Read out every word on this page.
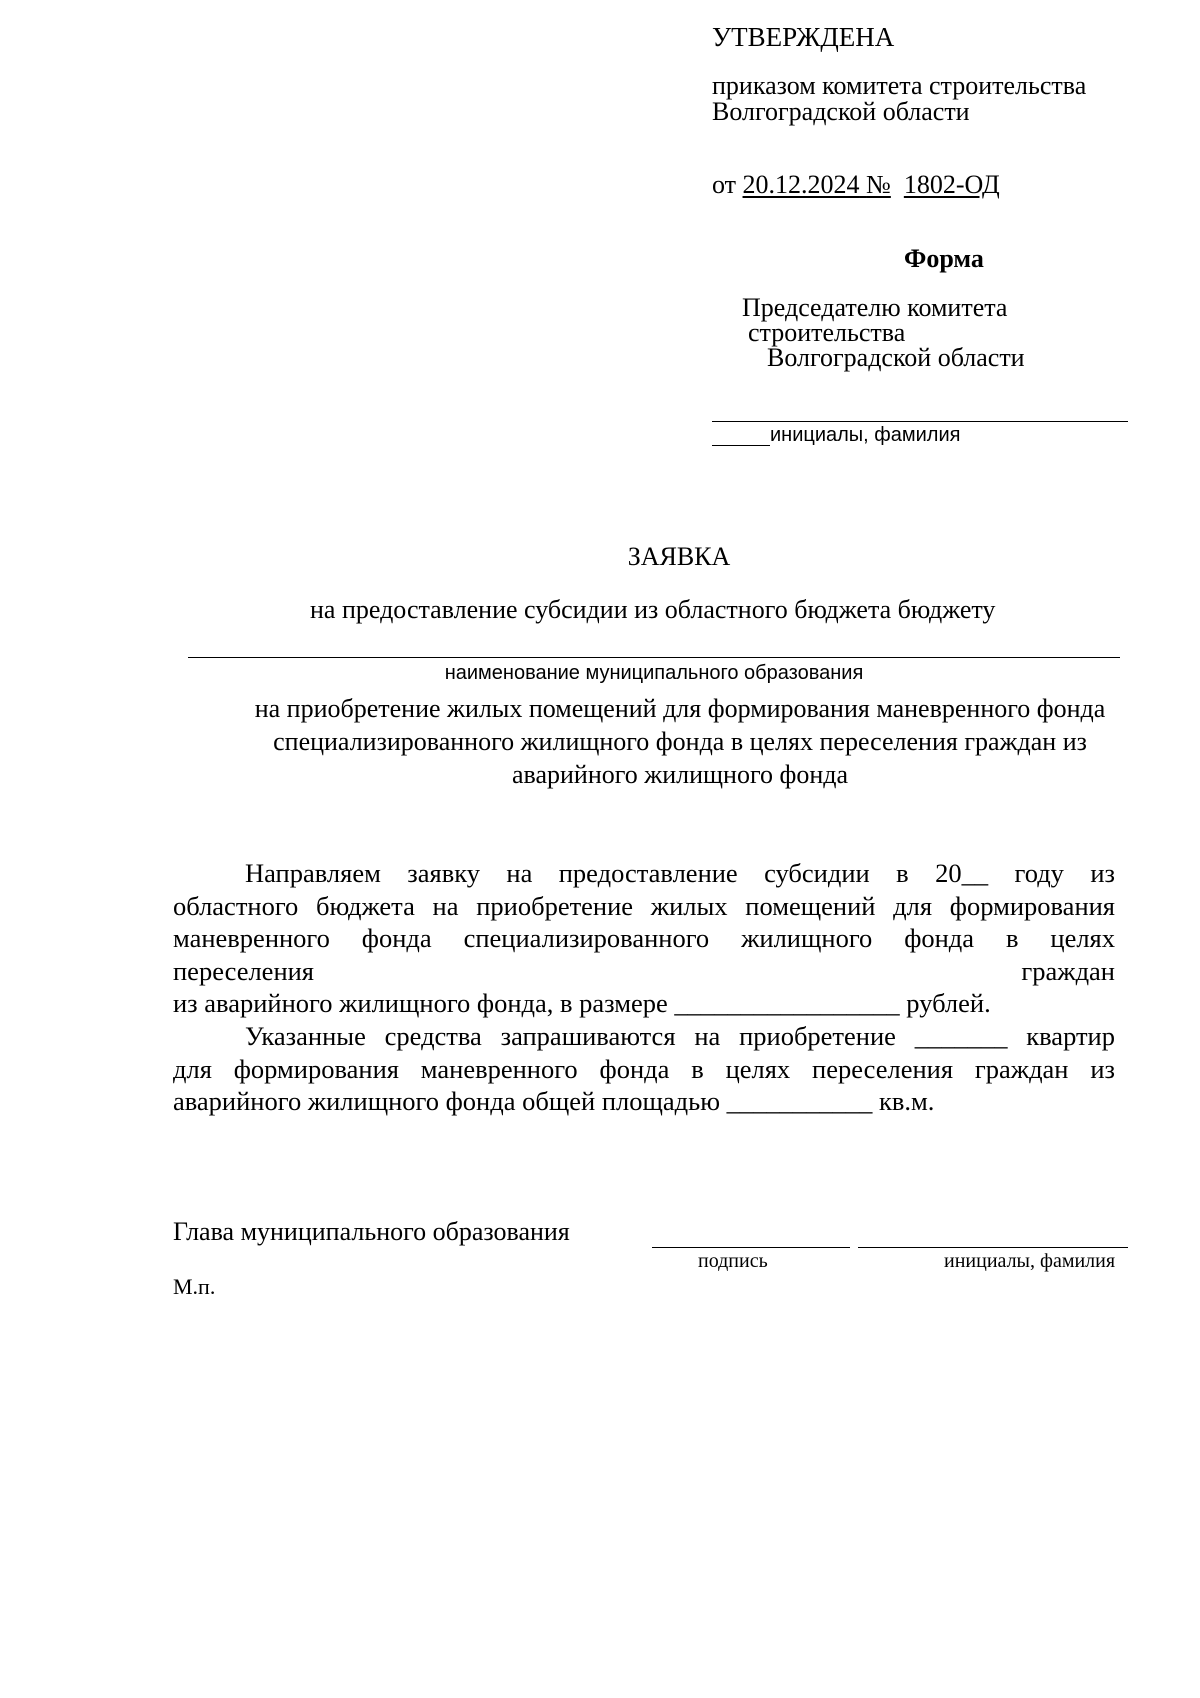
УТВЕРЖДЕНА
приказом комитета строительства
Волгоградской области
от 20.12.2024 № 1802-ОД
Форма
Председателю комитета
строительства
Волгоградской области
инициалы, фамилия
ЗАЯВКА
на предоставление субсидии из областного бюджета бюджету
наименование муниципального образования
на приобретение жилых помещений для формирования маневренного фонда
специализированного жилищного фонда в целях переселения граждан из
аварийного жилищного фонда
Направляем заявку на предоставление субсидии в 20__ году из
областного бюджета на приобретение жилых помещений для формирования
маневренного фонда специализированного жилищного фонда в целях
переселения	граждан
из аварийного жилищного фонда, в размере _________________ рублей.
Указанные средства запрашиваются на приобретение _______ квартир
для формирования маневренного фонда в целях переселения граждан из
аварийного жилищного фонда общей площадью ___________ кв.м.
Глава муниципального образования
подпись	инициалы, фамилия
М.п.
